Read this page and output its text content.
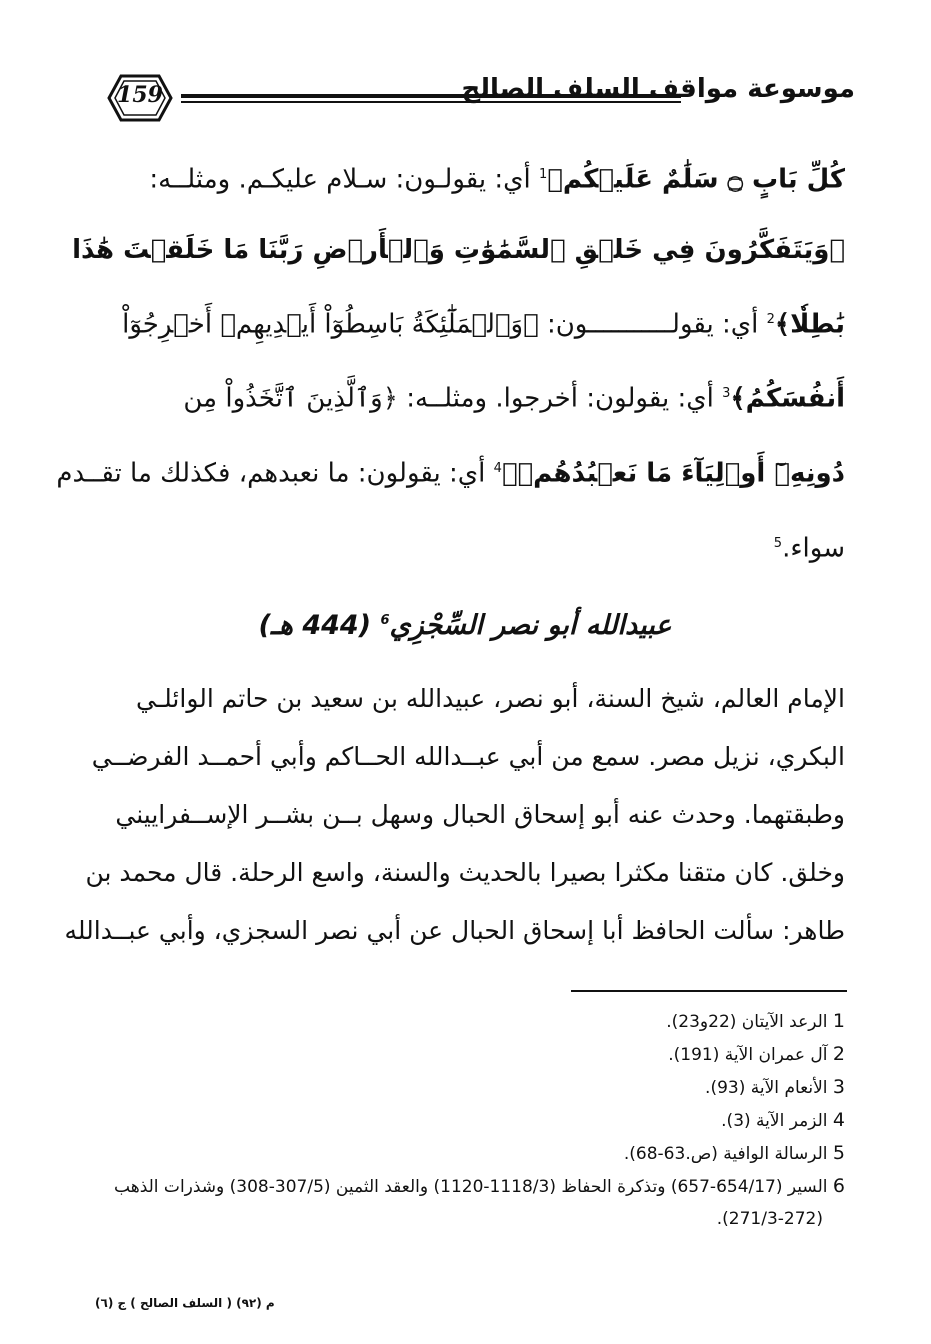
159	موسوعة مواقف السلف الصالح
كُلِّ بَابٍ ۝ سَلَٰمٌ عَلَيۡكُم﴾$^1$ أي: يقولـون: سـلام عليكـم. ومثلــه:
﴿وَيَتَفَكَّرُونَ فِي خَلۡقِ ٱلسَّمَٰوَٰتِ وَٱلۡأَرۡضِ رَبَّنَا مَا خَلَقۡتَ هَٰذَا
بَٰطِلٗا﴾$^2$ أي: يقولـــــــــــون: ﴿وَٱلۡمَلَٰٓئِكَةُ بَاسِطُوٓاْ أَيۡدِيهِمۡ أَخۡرِجُوٓاْ
أَنفُسَكُمُ﴾$^3$ أي: يقولون: أخرجوا. ومثلــه: ﴿وَٱلَّذِينَ ٱتَّخَذُواْ مِن
دُونِهِۦٓ أَوۡلِيَآءَ مَا نَعۡبُدُهُمۡ﴾$^4$ أي: يقولون: ما نعبدهم، فكذلك ما تقــدم
سواء.$^5$
عبيدالله أبو نصر السِّجْزِي$^6$ (444 هـ)
الإمام العالم، شيخ السنة، أبو نصر، عبيدالله بن سعيد بن حاتم الوائلـي
البكري، نزيل مصر. سمع من أبي عبــدالله الحــاكم وأبي أحمــد الفرضــي
وطبقتهما. وحدث عنه أبو إسحاق الحبال وسهل بــن بشــر الإســفراييني
وخلق. كان متقنا مكثرا بصيرا بالحديث والسنة، واسع الرحلة. قال محمد بن
طاهر: سألت الحافظ أبا إسحاق الحبال عن أبي نصر السجزي، وأبي عبــدالله
1 الرعد الآيتان (22و23).
2 آل عمران الآية (191).
3 الأنعام الآية (93).
4 الزمر الآية (3).
5 الرسالة الوافية (ص.63-68).
6 السير (654/17-657) وتذكرة الحفاظ (1118/3-1120) والعقد الثمين (307/5-308) وشذرات الذهب
(271/3-272).
م (٩٢) ( السلف الصالح ) ج (٦)
